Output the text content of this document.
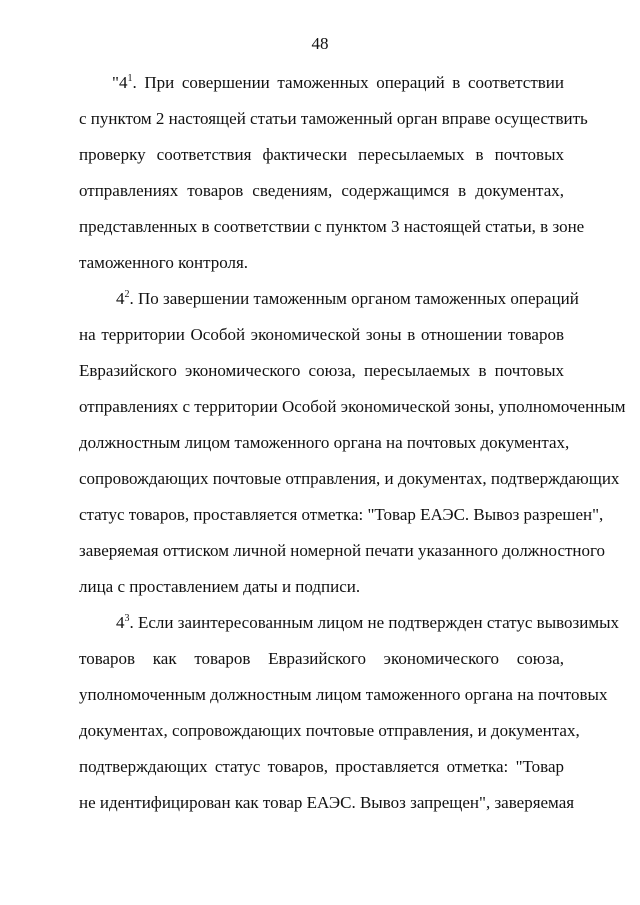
48
"$4^1$. При совершении таможенных операций в соответствии
с пунктом 2 настоящей статьи таможенный орган вправе осуществить
проверку соответствия фактически пересылаемых в почтовых
отправлениях товаров сведениям, содержащимся в документах,
представленных в соответствии с пунктом 3 настоящей статьи, в зоне
таможенного контроля.
$4^2$. По завершении таможенным органом таможенных операций
на территории Особой экономической зоны в отношении товаров
Евразийского экономического союза, пересылаемых в почтовых
отправлениях с территории Особой экономической зоны, уполномоченным
должностным лицом таможенного органа на почтовых документах,
сопровождающих почтовые отправления, и документах, подтверждающих
статус товаров, проставляется отметка: "Товар ЕАЭС. Вывоз разрешен",
заверяемая оттиском личной номерной печати указанного должностного
лица с проставлением даты и подписи.
$4^3$. Если заинтересованным лицом не подтвержден статус вывозимых
товаров как товаров Евразийского экономического союза,
уполномоченным должностным лицом таможенного органа на почтовых
документах, сопровождающих почтовые отправления, и документах,
подтверждающих статус товаров, проставляется отметка: "Товар
не идентифицирован как товар ЕАЭС. Вывоз запрещен", заверяемая
